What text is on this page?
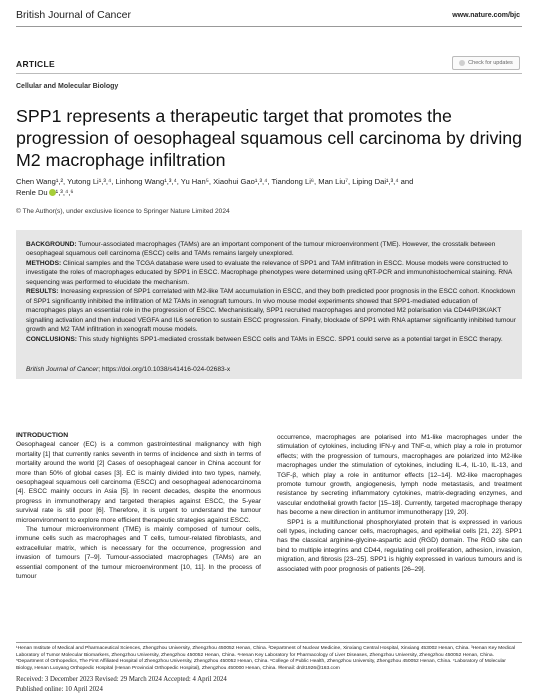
British Journal of Cancer	www.nature.com/bjc
Check for updates
ARTICLE
Cellular and Molecular Biology
SPP1 represents a therapeutic target that promotes the progression of oesophageal squamous cell carcinoma by driving M2 macrophage infiltration
Chen Wang¹,², Yutong Li¹,³,⁴, Linhong Wang¹,³,⁴, Yu Han⁵, Xiaohui Gao¹,³,⁴, Tiandong Li⁶, Man Liu⁷, Liping Dai¹,³,⁴ and
Renle Du ¹,³,⁴,⁶
© The Author(s), under exclusive licence to Springer Nature Limited 2024
BACKGROUND: Tumour-associated macrophages (TAMs) are an important component of the tumour microenvironment (TME). However, the crosstalk between oesophageal squamous cell carcinoma (ESCC) cells and TAMs remains largely unexplored.
METHODS: Clinical samples and the TCGA database were used to evaluate the relevance of SPP1 and TAM infiltration in ESCC. Mouse models were constructed to investigate the roles of macrophages educated by SPP1 in ESCC. Macrophage phenotypes were determined using qRT-PCR and immunohistochemical staining. RNA sequencing was performed to elucidate the mechanism.
RESULTS: Increasing expression of SPP1 correlated with M2-like TAM accumulation in ESCC, and they both predicted poor prognosis in the ESCC cohort. Knockdown of SPP1 significantly inhibited the infiltration of M2 TAMs in xenograft tumours. In vivo mouse model experiments showed that SPP1-mediated education of macrophages plays an essential role in the progression of ESCC. Mechanistically, SPP1 recruited macrophages and promoted M2 polarisation via CD44/PI3K/AKT signalling activation and then induced VEGFA and IL6 secretion to sustain ESCC progression. Finally, blockade of SPP1 with RNA aptamer significantly inhibited tumour growth and M2 TAM infiltration in xenograft mouse models.
CONCLUSIONS: This study highlights SPP1-mediated crosstalk between ESCC cells and TAMs in ESCC. SPP1 could serve as a potential target in ESCC therapy.
British Journal of Cancer; https://doi.org/10.1038/s41416-024-02683-x
INTRODUCTION
Oesophageal cancer (EC) is a common gastrointestinal malignancy with high mortality [1] that currently ranks seventh in terms of incidence and sixth in terms of mortality around the world [2] Cases of oesophageal cancer in China account for more than 50% of global cases [3]. EC is mainly divided into two types, namely, oesophageal squamous cell carcinoma (ESCC) and oesophageal adenocarcinoma [4]. ESCC mainly occurs in Asia [5]. In recent decades, despite the enormous progress in immunotherapy and targeted therapies against ESCC, the 5-year survival rate is still poor [6]. Therefore, it is urgent to understand the tumour microenvironment to explore more efficient therapeutic strategies against ESCC.
The tumour microenvironment (TME) is mainly composed of tumour cells, immune cells such as macrophages and T cells, tumour-related fibroblasts, and extracellular matrix, which is necessary for the occurrence, progression and invasion of tumours [7–9]. Tumour-associated macrophages (TAMs) are an essential component of the tumour microenvironment [10, 11]. In the process of tumour
occurrence, macrophages are polarised into M1-like macrophages under the stimulation of cytokines, including IFN-γ and TNF-α, which play a role in protumor effects; with the progression of tumours, macrophages are polarized into M2-like macrophages under the stimulation of cytokines, including IL-4, IL-10, IL-13, and TGF-β, which play a role in antitumor effects [12–14]. M2-like macrophages promote tumour growth, angiogenesis, lymph node metastasis, and treatment resistance by secreting inflammatory cytokines, matrix-degrading enzymes, and vascular endothelial growth factor [15–18]. Currently, targeted macrophage therapy has become a new direction in antitumor immunotherapy [19, 20].
SPP1 is a multifunctional phosphorylated protein that is expressed in various cell types, including cancer cells, macrophages, and epithelial cells [21, 22]. SPP1 has the classical arginine-glycine-aspartic acid (RGD) domain. The RGD site can bind to multiple integrins and CD44, regulating cell proliferation, adhesion, invasion, migration, and fibrosis [23–25]. SPP1 is highly expressed in various tumours and is associated with poor prognosis of patients [26–29].
¹Henan Institute of Medical and Pharmaceutical Sciences, Zhengzhou University, Zhengzhou 450052 Henan, China. ²Department of Nuclear Medicine, Xinxiang Central Hospital, Xinxiang 453002 Henan, China. ³Henan Key Medical Laboratory of Tumor Molecular Biomarkers, Zhengzhou University, Zhengzhou 450052 Henan, China. ⁴Henan Key Laboratory for Pharmacology of Liver Diseases, Zhengzhou University, Zhengzhou 450052 Henan, China. ⁵Department of Orthopedics, The First Affiliated Hospital of Zhengzhou University, Zhengzhou 450052 Henan, China. ⁶College of Public Health, Zhengzhou University, Zhengzhou 450052 Henan, China. ⁷Laboratory of Molecular Biology, Henan Luoyang Orthopedic Hospital (Henan Provincial Orthopedic Hospital), Zhengzhou 450000 Henan, China. ✉email: drdr1926@163.com
Received: 3 December 2023 Revised: 29 March 2024 Accepted: 4 April 2024
Published online: 10 April 2024
